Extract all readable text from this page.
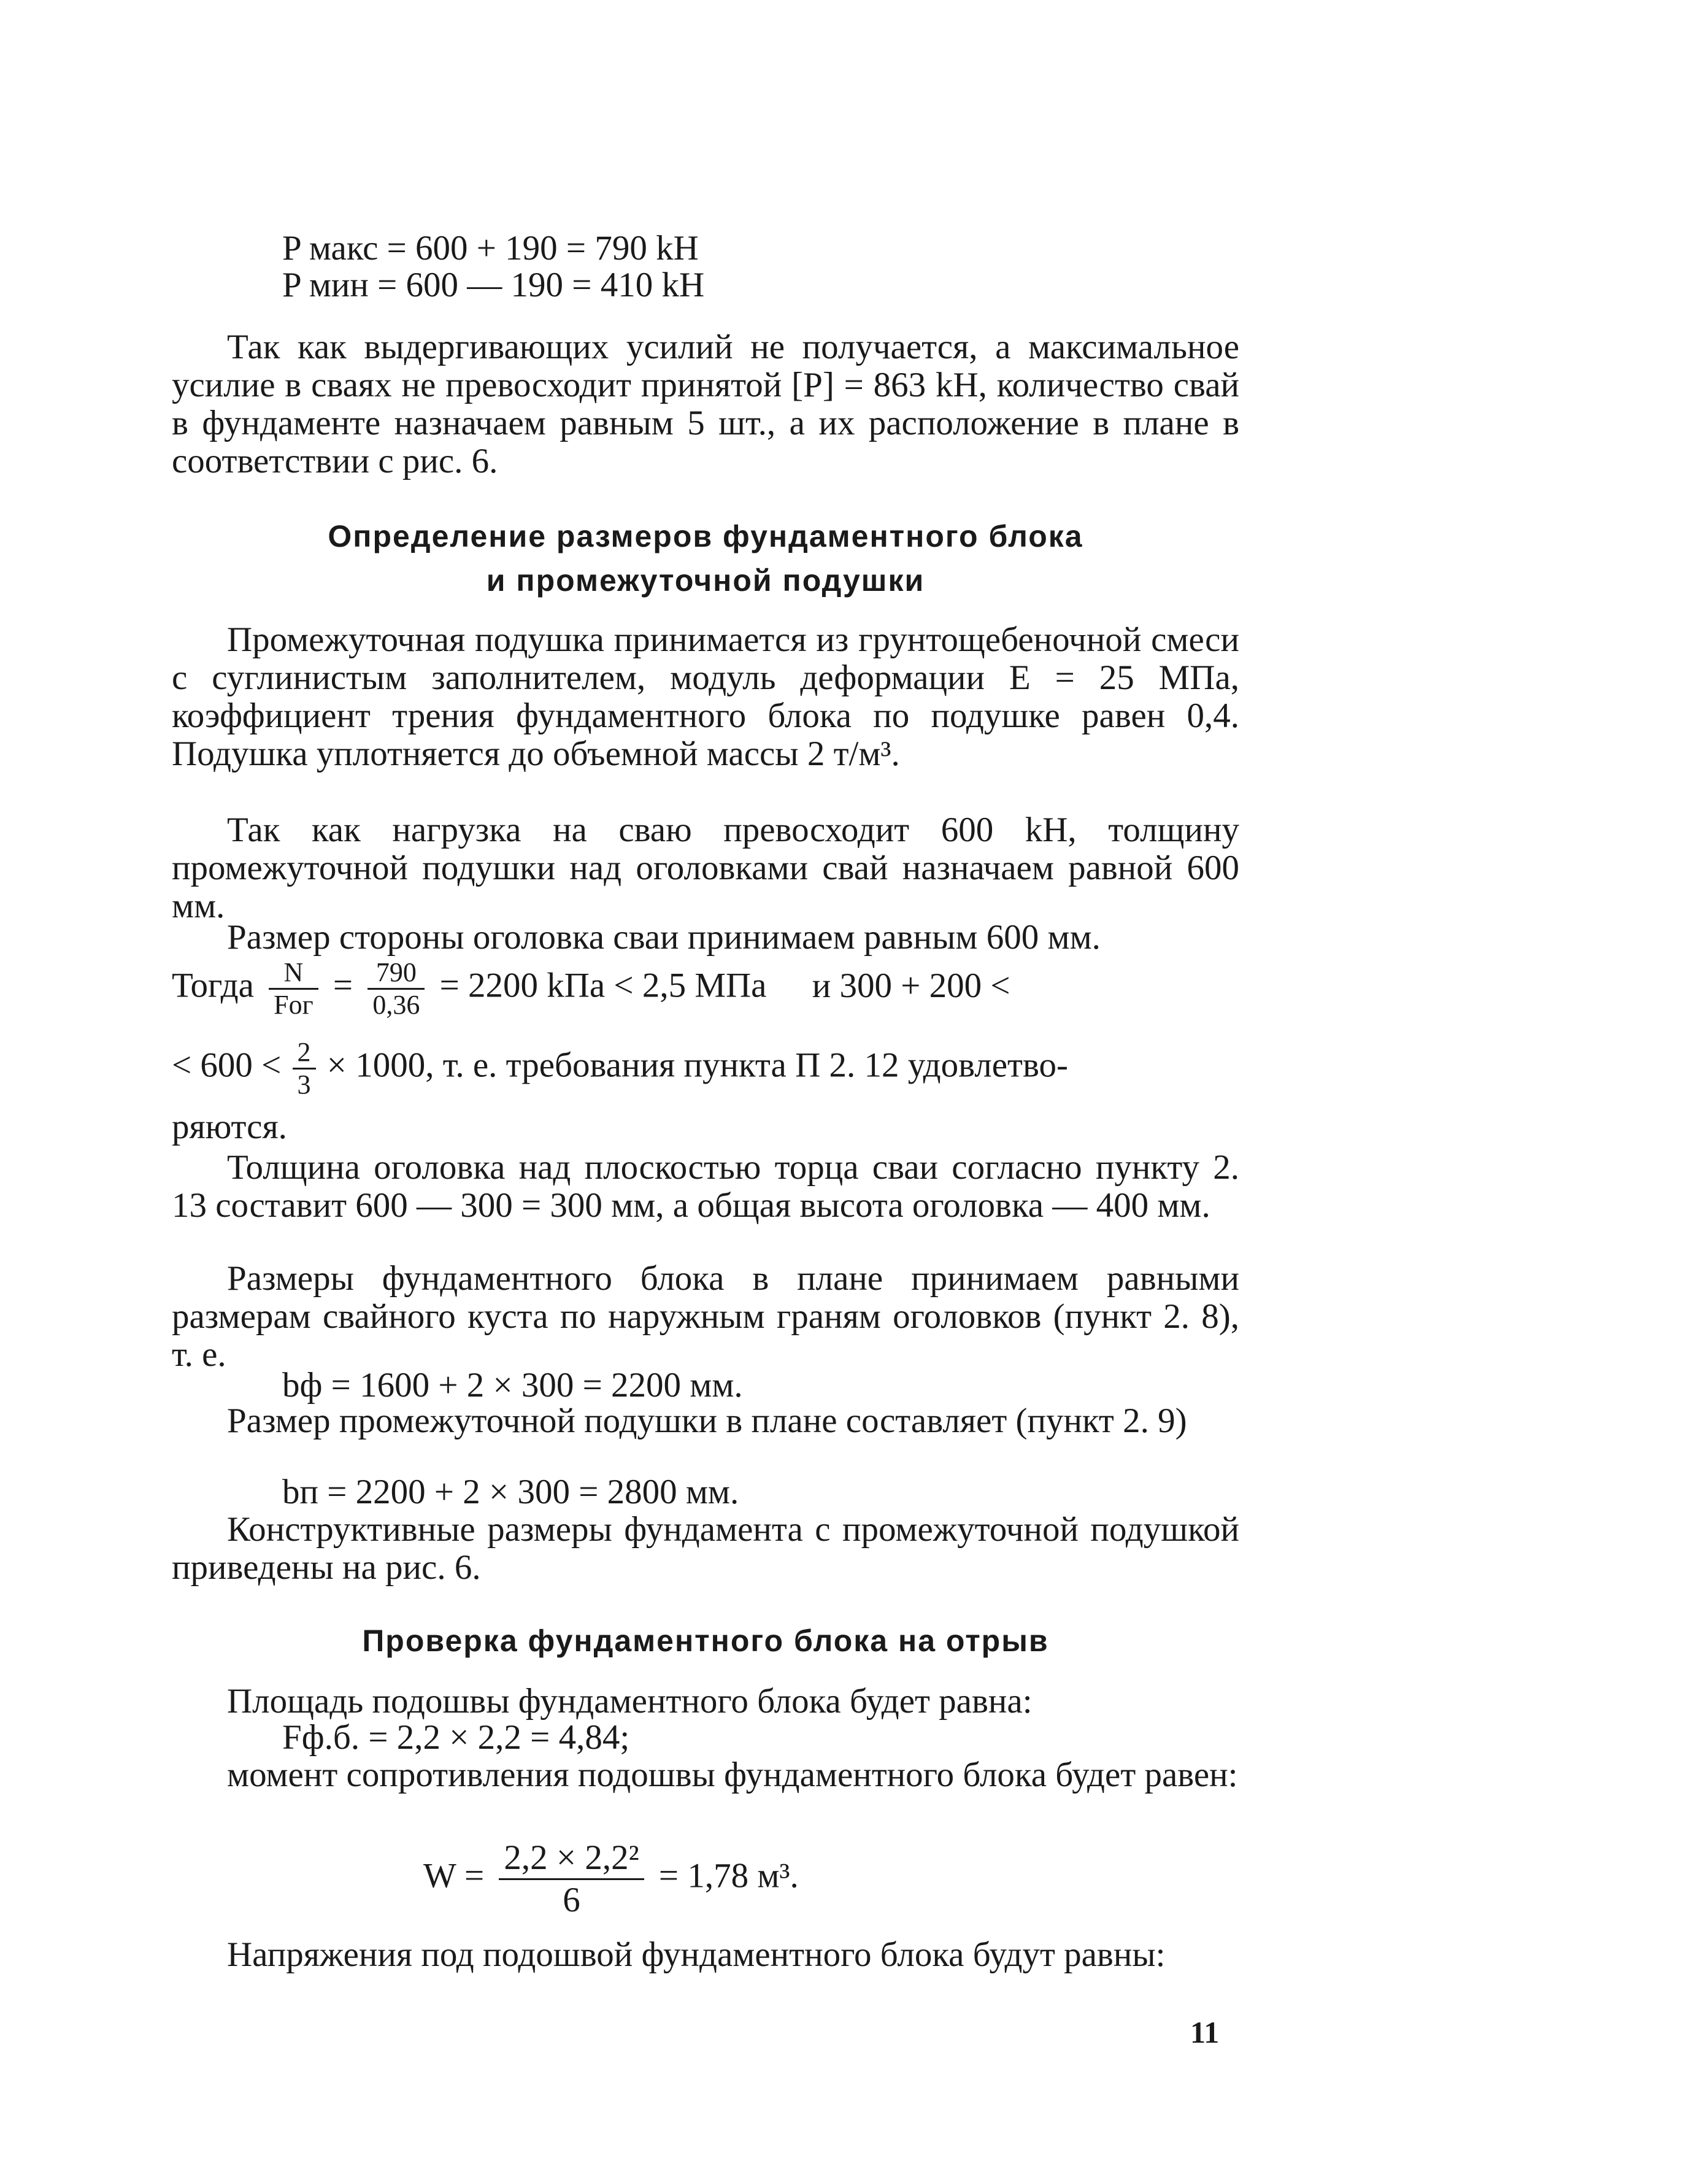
P макс = 600 + 190 = 790 kH
P мин = 600 — 190 = 410 kH

Так как выдергивающих усилий не получается, а максимальное усилие в сваях не превосходит принятой [P] = 863 kH, количество свай в фундаменте назначаем равным 5 шт., а их расположение в плане в соответствии с рис. 6.

Определение размеров фундаментного блока
и промежуточной подушки

Промежуточная подушка принимается из грунтощебеночной смеси с суглинистым заполнителем, модуль деформации E = 25 МПа, коэффициент трения фундаментного блока по подушке равен 0,4. Подушка уплотняется до объемной массы 2 т/м³.

Так как нагрузка на сваю превосходит 600 kH, толщину промежуточной подушки над оголовками свай назначаем равной 600 мм.

Размер стороны оголовка сваи принимаем равным 600 мм.

Тогда $\frac{N}{\text{Fог}} = \frac{790}{0,36} = 2200$ kПа < 2,5 МПа и 300 + 200 <
< $600 < \frac{2}{3} \times 1000$, т. е. требования пункта П 2. 12 удовлетво-
ряются.

Толщина оголовка над плоскостью торца сваи согласно пункту 2. 13 составит 600 — 300 = 300 мм, а общая высота оголовка — 400 мм.

Размеры фундаментного блока в плане принимаем равными размерам свайного куста по наружным граням оголовков (пункт 2. 8), т. е.

bф = 1600 + 2 × 300 = 2200 мм.

Размер промежуточной подушки в плане составляет (пункт 2. 9)

bп = 2200 + 2 × 300 = 2800 мм.

Конструктивные размеры фундамента с промежуточной подушкой приведены на рис. 6.

Проверка фундаментного блока на отрыв

Площадь подошвы фундаментного блока будет равна:

Fф.б. = 2,2 × 2,2 = 4,84;

момент сопротивления подошвы фундаментного блока будет равен:

$W = \frac{\text{2,2 × 2,2²}}{6} = 1,78$ м³.

Напряжения под подошвой фундаментного блока будут равны:

11
